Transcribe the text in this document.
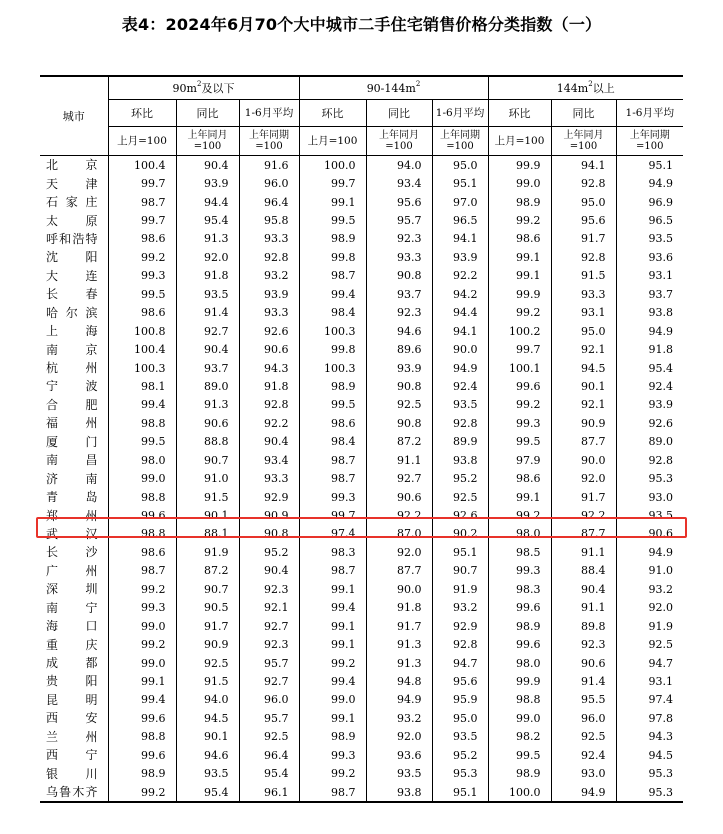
表4：2024年6月70个大中城市二手住宅销售价格分类指数（一）
城市	$90m^2$及以下			$90-144m^2$			$144m^2$以上		
	环比	同比	1-6月平均	环比	同比	1-6月平均	环比	同比	1-6月平均
	上月=100	上年同月=100	上年同期=100	上月=100	上年同月=100	上年同期=100	上月=100	上年同月=100	上年同期=100
北京	100.4	90.4	91.6	100.0	94.0	95.0	99.9	94.1	95.1
天津	99.7	93.9	96.0	99.7	93.4	95.1	99.0	92.8	94.9
石家庄	98.7	94.4	96.4	99.1	95.6	97.0	98.9	95.0	96.9
太原	99.7	95.4	95.8	99.5	95.7	96.5	99.2	95.6	96.5
呼和浩特	98.6	91.3	93.3	98.9	92.3	94.1	98.6	91.7	93.5
沈阳	99.2	92.0	92.8	99.8	93.3	93.9	99.1	92.8	93.6
大连	99.3	91.8	93.2	98.7	90.8	92.2	99.1	91.5	93.1
长春	99.5	93.5	93.9	99.4	93.7	94.2	99.9	93.3	93.7
哈尔滨	98.6	91.4	93.3	98.4	92.3	94.4	99.2	93.1	93.8
上海	100.8	92.7	92.6	100.3	94.6	94.1	100.2	95.0	94.9
南京	100.4	90.4	90.6	99.8	89.6	90.0	99.7	92.1	91.8
杭州	100.3	93.7	94.3	100.3	93.9	94.9	100.1	94.5	95.4
宁波	98.1	89.0	91.8	98.9	90.8	92.4	99.6	90.1	92.4
合肥	99.4	91.3	92.8	99.5	92.5	93.5	99.2	92.1	93.9
福州	98.8	90.6	92.2	98.6	90.8	92.8	99.3	90.9	92.6
厦门	99.5	88.8	90.4	98.4	87.2	89.9	99.5	87.7	89.0
南昌	98.0	90.7	93.4	98.7	91.1	93.8	97.9	90.0	92.8
济南	99.0	91.0	93.3	98.7	92.7	95.2	98.6	92.0	95.3
青岛	98.8	91.5	92.9	99.3	90.6	92.5	99.1	91.7	93.0
郑州	99.6	90.1	90.9	99.7	92.2	92.6	99.2	92.2	93.5
武汉	98.8	88.1	90.8	97.4	87.0	90.2	98.0	87.7	90.6
长沙	98.6	91.9	95.2	98.3	92.0	95.1	98.5	91.1	94.9
广州	98.7	87.2	90.4	98.7	87.7	90.7	99.3	88.4	91.0
深圳	99.2	90.7	92.3	99.1	90.0	91.9	98.3	90.4	93.2
南宁	99.3	90.5	92.1	99.4	91.8	93.2	99.6	91.1	92.0
海口	99.0	91.7	92.7	99.1	91.7	92.9	98.9	89.8	91.9
重庆	99.2	90.9	92.3	99.1	91.3	92.8	99.6	92.3	92.5
成都	99.0	92.5	95.7	99.2	91.3	94.7	98.0	90.6	94.7
贵阳	99.1	91.5	92.7	99.4	94.8	95.6	99.9	91.4	93.1
昆明	99.4	94.0	96.0	99.0	94.9	95.9	98.8	95.5	97.4
西安	99.6	94.5	95.7	99.1	93.2	95.0	99.0	96.0	97.8
兰州	98.8	90.1	92.5	98.9	92.0	93.5	98.2	92.5	94.3
西宁	99.6	94.6	96.4	99.3	93.6	95.2	99.5	92.4	94.5
银川	98.9	93.5	95.4	99.2	93.5	95.3	98.9	93.0	95.3
乌鲁木齐	99.2	95.4	96.1	98.7	93.8	95.1	100.0	94.9	95.3
